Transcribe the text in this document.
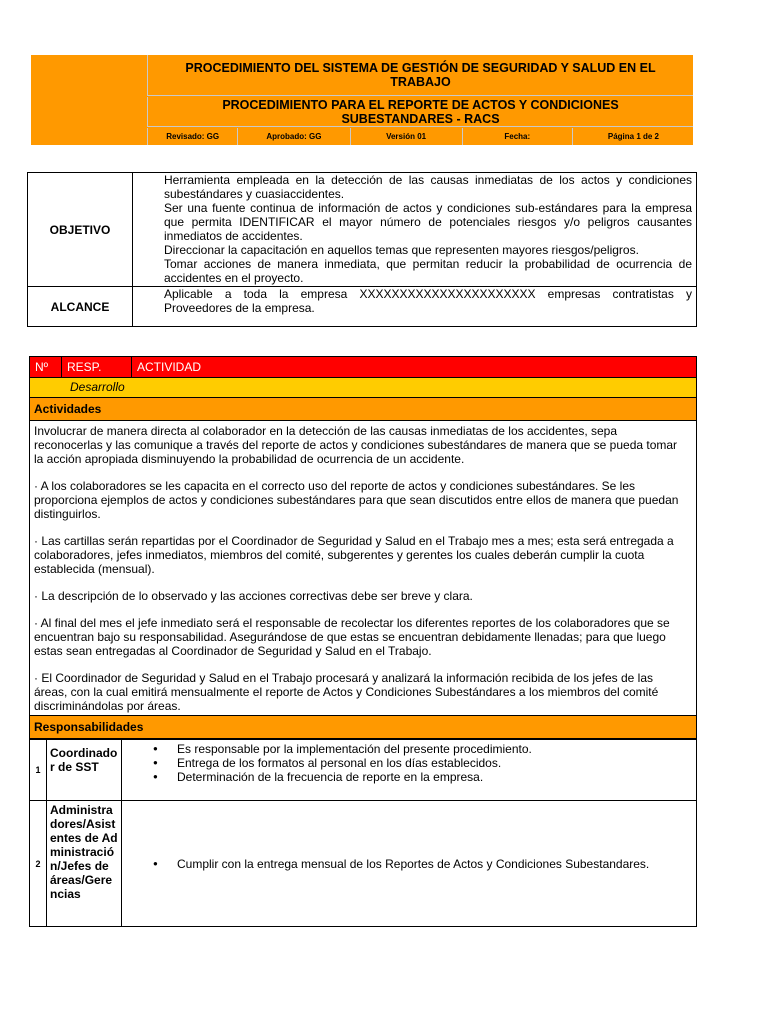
PROCEDIMIENTO DEL SISTEMA DE GESTIÓN DE SEGURIDAD Y SALUD EN EL TRABAJO
PROCEDIMIENTO PARA EL REPORTE DE ACTOS Y CONDICIONES SUBESTANDARES - RACS
Revisado: GG	Aprobado: GG	Versión 01	Fecha:	Página 1 de 2
OBJETIVO

Herramienta empleada en la detección de las causas inmediatas de los actos y condiciones subestándares y cuasiaccidentes.

Ser una fuente continua de información de actos y condiciones sub-estándares para la empresa que permita IDENTIFICAR el mayor número de potenciales riesgos y/o peligros causantes inmediatos de accidentes.

Direccionar la capacitación en aquellos temas que representen mayores riesgos/peligros.

Tomar acciones de manera inmediata, que permitan reducir la probabilidad de ocurrencia de accidentes en el proyecto.

ALCANCE

Aplicable a toda la empresa XXXXXXXXXXXXXXXXXXXXXX empresas contratistas y Proveedores de la empresa.

Nº	RESP.	ACTIVIDAD
Desarrollo
Actividades

Involucrar de manera directa al colaborador en la detección de las causas inmediatas de los accidentes, sepa reconocerlas y las comunique a través del reporte de actos y condiciones subestándares de manera que se pueda tomar la acción apropiada disminuyendo la probabilidad de ocurrencia de un accidente.

· A los colaboradores se les capacita en el correcto uso del reporte de actos y condiciones subestándares. Se les proporciona ejemplos de actos y condiciones subestándares para que sean discutidos entre ellos de manera que puedan distinguirlos.

· Las cartillas serán repartidas por el Coordinador de Seguridad y Salud en el Trabajo mes a mes; esta será entregada a colaboradores, jefes inmediatos, miembros del comité, subgerentes y gerentes los cuales deberán cumplir la cuota establecida (mensual).

· La descripción de lo observado y las acciones correctivas debe ser breve y clara.

· Al final del mes el jefe inmediato será el responsable de recolectar los diferentes reportes de los colaboradores que se encuentran bajo su responsabilidad. Asegurándose de que estas se encuentran debidamente llenadas; para que luego estas sean entregadas al Coordinador de Seguridad y Salud en el Trabajo.

· El Coordinador de Seguridad y Salud en el Trabajo procesará y analizará la información recibida de los jefes de las áreas, con la cual emitirá mensualmente el reporte de Actos y Condiciones Subestándares a los miembros del comité discriminándolas por áreas.

Responsabilidades
1
Coordinador de SST
● Es responsable por la implementación del presente procedimiento.
● Entrega de los formatos al personal en los días establecidos.
● Determinación de la frecuencia de reporte en la empresa.
2
Administradores/Asistentes de Administración/Jefes de áreas/Gerencias
● Cumplir con la entrega mensual de los Reportes de Actos y Condiciones Subestandares.
